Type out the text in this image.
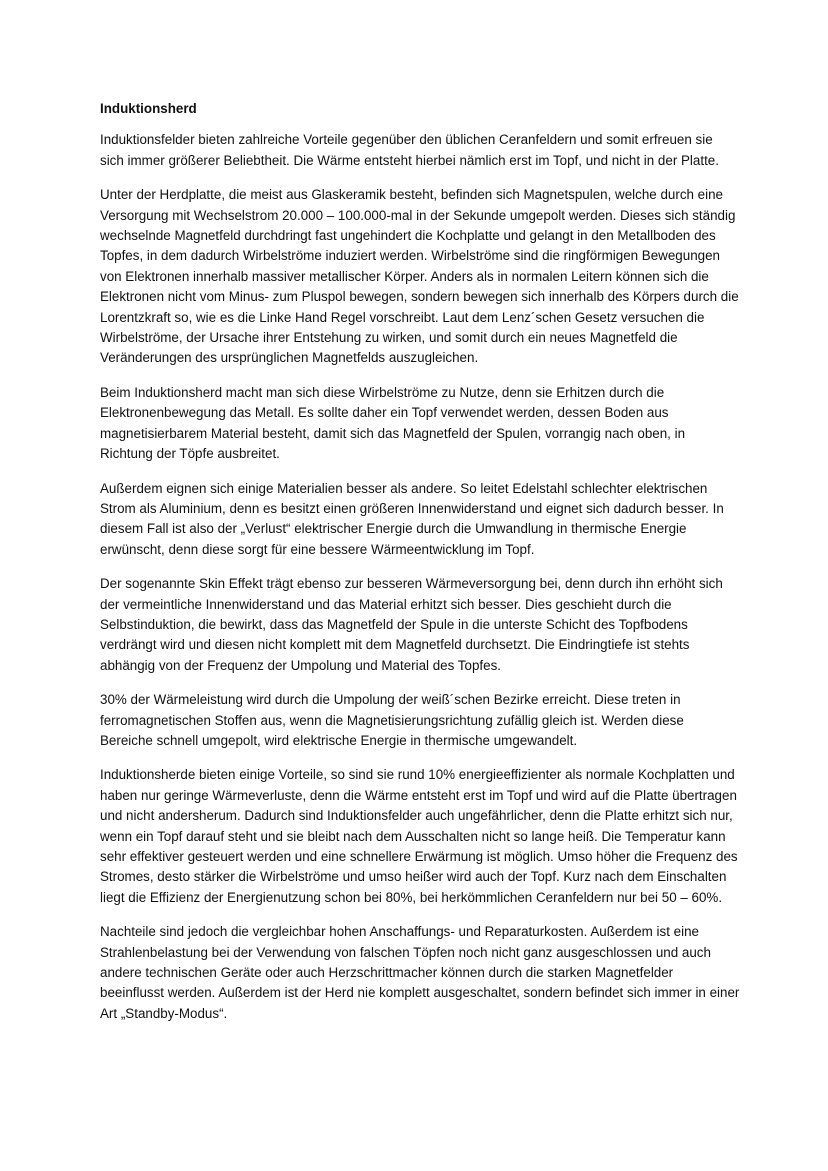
Induktionsherd

Induktionsfelder bieten zahlreiche Vorteile gegenüber den üblichen Ceranfeldern und somit erfreuen sie sich immer größerer Beliebtheit. Die Wärme entsteht hierbei nämlich erst im Topf, und nicht in der Platte.

Unter der Herdplatte, die meist aus Glaskeramik besteht, befinden sich Magnetspulen, welche durch eine Versorgung mit Wechselstrom 20.000 – 100.000-mal in der Sekunde umgepolt werden. Dieses sich ständig wechselnde Magnetfeld durchdringt fast ungehindert die Kochplatte und gelangt in den Metallboden des Topfes, in dem dadurch Wirbelströme induziert werden. Wirbelströme sind die ringförmigen Bewegungen von Elektronen innerhalb massiver metallischer Körper. Anders als in normalen Leitern können sich die Elektronen nicht vom Minus- zum Pluspol bewegen, sondern bewegen sich innerhalb des Körpers durch die Lorentzkraft so, wie es die Linke Hand Regel vorschreibt. Laut dem Lenz´schen Gesetz versuchen die Wirbelströme, der Ursache ihrer Entstehung zu wirken, und somit durch ein neues Magnetfeld die Veränderungen des ursprünglichen Magnetfelds auszugleichen.

Beim Induktionsherd macht man sich diese Wirbelströme zu Nutze, denn sie Erhitzen durch die Elektronenbewegung das Metall. Es sollte daher ein Topf verwendet werden, dessen Boden aus magnetisierbarem Material besteht, damit sich das Magnetfeld der Spulen, vorrangig nach oben, in Richtung der Töpfe ausbreitet.

Außerdem eignen sich einige Materialien besser als andere. So leitet Edelstahl schlechter elektrischen Strom als Aluminium, denn es besitzt einen größeren Innenwiderstand und eignet sich dadurch besser. In diesem Fall ist also der „Verlust“ elektrischer Energie durch die Umwandlung in thermische Energie erwünscht, denn diese sorgt für eine bessere Wärmeentwicklung im Topf.

Der sogenannte Skin Effekt trägt ebenso zur besseren Wärmeversorgung bei, denn durch ihn erhöht sich der vermeintliche Innenwiderstand und das Material erhitzt sich besser. Dies geschieht durch die Selbstinduktion, die bewirkt, dass das Magnetfeld der Spule in die unterste Schicht des Topfbodens verdrängt wird und diesen nicht komplett mit dem Magnetfeld durchsetzt. Die Eindringtiefe ist stehts abhängig von der Frequenz der Umpolung und Material des Topfes.

30% der Wärmeleistung wird durch die Umpolung der weiß´schen Bezirke erreicht. Diese treten in ferromagnetischen Stoffen aus, wenn die Magnetisierungsrichtung zufällig gleich ist. Werden diese Bereiche schnell umgepolt, wird elektrische Energie in thermische umgewandelt.

Induktionsherde bieten einige Vorteile, so sind sie rund 10% energieeffizienter als normale Kochplatten und haben nur geringe Wärmeverluste, denn die Wärme entsteht erst im Topf und wird auf die Platte übertragen und nicht andersherum. Dadurch sind Induktionsfelder auch ungefährlicher, denn die Platte erhitzt sich nur, wenn ein Topf darauf steht und sie bleibt nach dem Ausschalten nicht so lange heiß. Die Temperatur kann sehr effektiver gesteuert werden und eine schnellere Erwärmung ist möglich. Umso höher die Frequenz des Stromes, desto stärker die Wirbelströme und umso heißer wird auch der Topf. Kurz nach dem Einschalten liegt die Effizienz der Energienutzung schon bei 80%, bei herkömmlichen Ceranfeldern nur bei 50 – 60%.

Nachteile sind jedoch die vergleichbar hohen Anschaffungs- und Reparaturkosten. Außerdem ist eine Strahlenbelastung bei der Verwendung von falschen Töpfen noch nicht ganz ausgeschlossen und auch andere technischen Geräte oder auch Herzschrittmacher können durch die starken Magnetfelder beeinflusst werden. Außerdem ist der Herd nie komplett ausgeschaltet, sondern befindet sich immer in einer Art „Standby-Modus“.
